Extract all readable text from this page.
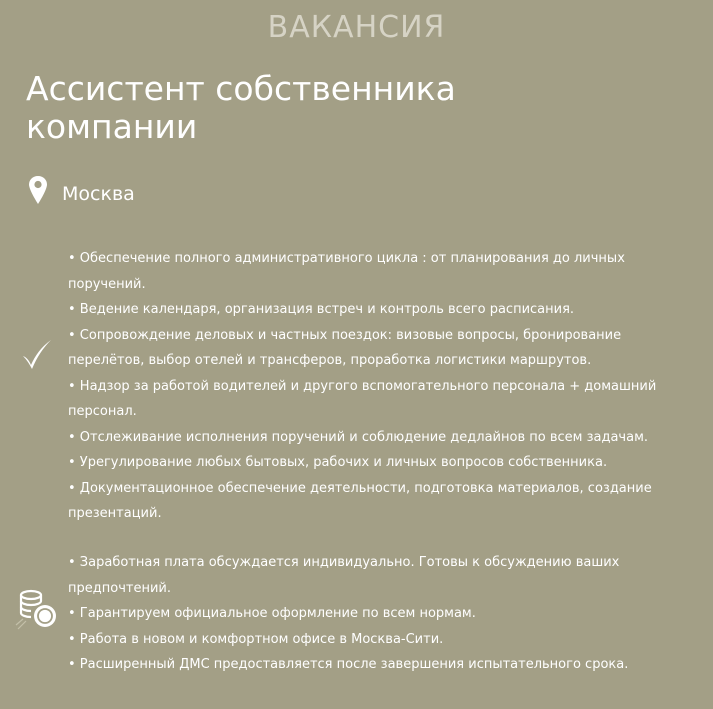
ВАКАНСИЯ
Ассистент собственника компании
Москва
• Обеспечение полного административного цикла : от планирования до личных поручений.
• Ведение календаря, организация встреч и контроль всего расписания.
• Сопровождение деловых и частных поездок: визовые вопросы, бронирование перелётов, выбор отелей и трансферов, проработка логистики маршрутов.
• Надзор за работой водителей и другого вспомогательного персонала + домашний персонал.
• Отслеживание исполнения поручений и соблюдение дедлайнов по всем задачам.
• Урегулирование любых бытовых, рабочих и личных вопросов собственника.
• Документационное обеспечение деятельности, подготовка материалов, создание презентаций.
• Заработная плата обсуждается индивидуально. Готовы к обсуждению ваших предпочтений.
• Гарантируем официальное оформление по всем нормам.
• Работа в новом и комфортном офисе в Москва-Сити.
• Расширенный ДМС предоставляется после завершения испытательного срока.
